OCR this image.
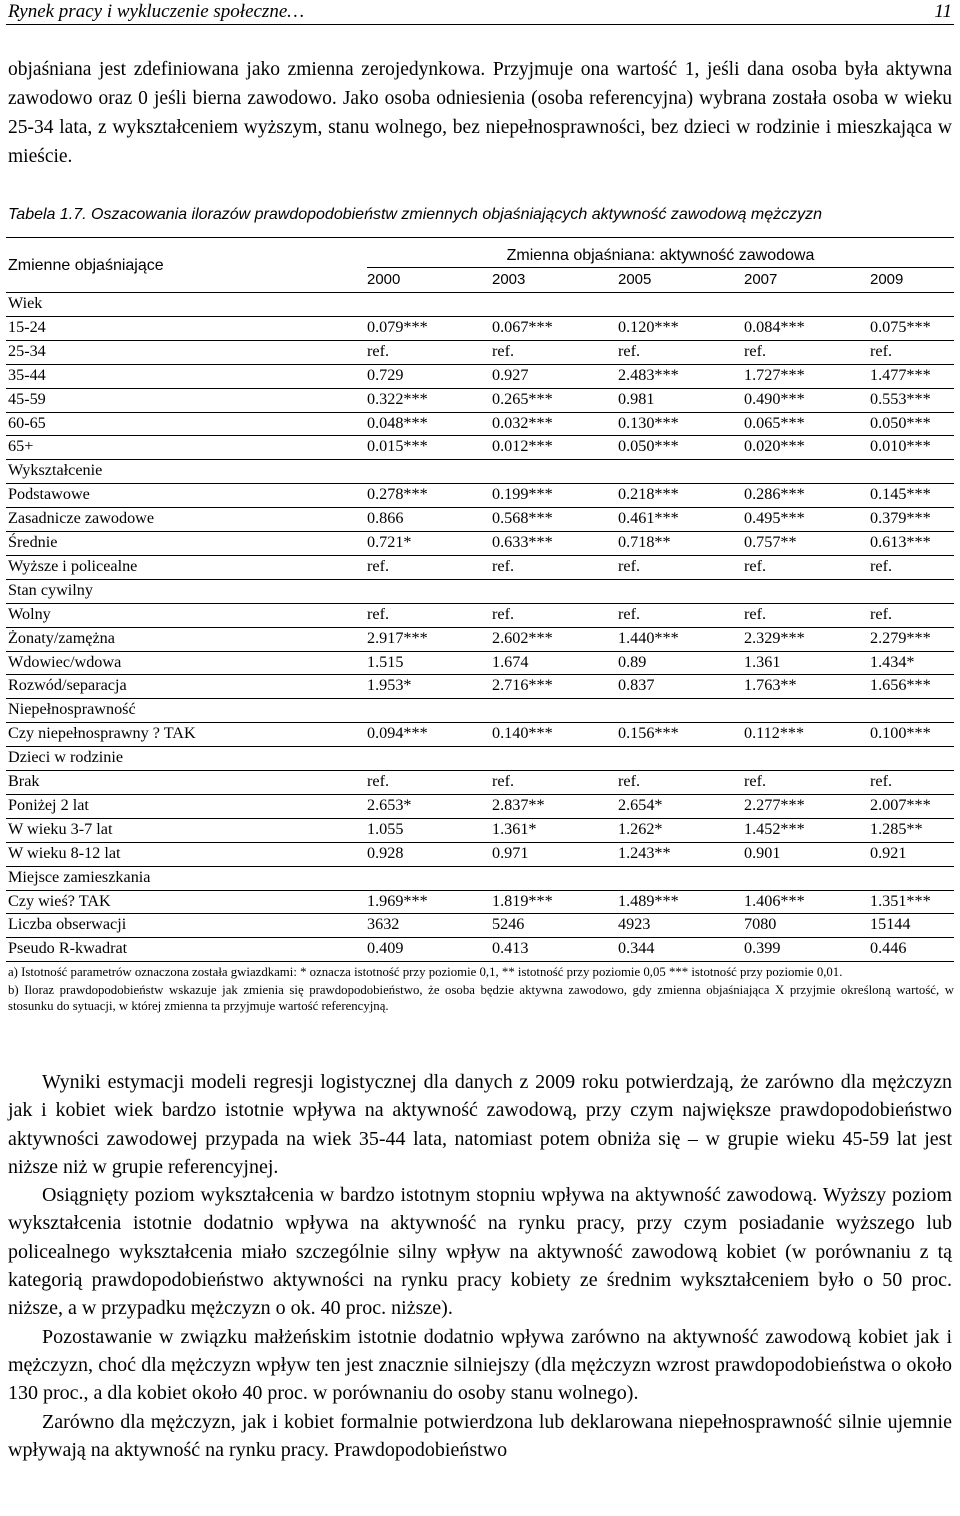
Rynek pracy i wykluczenie społeczne…	11

objaśniana jest zdefiniowana jako zmienna zerojedynkowa. Przyjmuje ona wartość 1, jeśli dana osoba była aktywna zawodowo oraz 0 jeśli bierna zawodowo. Jako osoba odniesienia (osoba referencyjna) wybrana została osoba w wieku 25-34 lata, z wykształceniem wyższym, stanu wolnego, bez niepełnosprawności, bez dzieci w rodzinie i mieszkająca w mieście.

Tabela 1.7. Oszacowania ilorazów prawdopodobieństw zmiennych objaśniających aktywność zawodową mężczyzn
Zmienne objaśniające
Zmienna objaśniana: aktywność zawodowa
2000	2003	2005	2007	2009
Wiek
15-24	0.079***	0.067***	0.120***	0.084***	0.075***
25-34	ref.	ref.	ref.	ref.	ref.
35-44	0.729	0.927	2.483***	1.727***	1.477***
45-59	0.322***	0.265***	0.981	0.490***	0.553***
60-65	0.048***	0.032***	0.130***	0.065***	0.050***
65+	0.015***	0.012***	0.050***	0.020***	0.010***
Wykształcenie
Podstawowe	0.278***	0.199***	0.218***	0.286***	0.145***
Zasadnicze zawodowe	0.866	0.568***	0.461***	0.495***	0.379***
Średnie	0.721*	0.633***	0.718**	0.757**	0.613***
Wyższe i policealne	ref.	ref.	ref.	ref.	ref.
Stan cywilny
Wolny	ref.	ref.	ref.	ref.	ref.
Żonaty/zamężna	2.917***	2.602***	1.440***	2.329***	2.279***
Wdowiec/wdowa	1.515	1.674	0.89	1.361	1.434*
Rozwód/separacja	1.953*	2.716***	0.837	1.763**	1.656***
Niepełnosprawność
Czy niepełnosprawny ? TAK	0.094***	0.140***	0.156***	0.112***	0.100***
Dzieci w rodzinie
Brak	ref.	ref.	ref.	ref.	ref.
Poniżej 2 lat	2.653*	2.837**	2.654*	2.277***	2.007***
W wieku 3-7 lat	1.055	1.361*	1.262*	1.452***	1.285**
W wieku 8-12 lat	0.928	0.971	1.243**	0.901	0.921
Miejsce zamieszkania
Czy wieś? TAK	1.969***	1.819***	1.489***	1.406***	1.351***
Liczba obserwacji	3632	5246	4923	7080	15144
Pseudo R-kwadrat	0.409	0.413	0.344	0.399	0.446

a) Istotność parametrów oznaczona została gwiazdkami: * oznacza istotność przy poziomie 0,1, ** istotność przy poziomie 0,05 *** istotność przy poziomie 0,01.

b) Iloraz prawdopodobieństw wskazuje jak zmienia się prawdopodobieństwo, że osoba będzie aktywna zawodowo, gdy zmienna objaśniająca X przyjmie określoną wartość, w stosunku do sytuacji, w której zmienna ta przyjmuje wartość referencyjną.

Wyniki estymacji modeli regresji logistycznej dla danych z 2009 roku potwierdzają, że zarówno dla mężczyzn jak i kobiet wiek bardzo istotnie wpływa na aktywność zawodową, przy czym największe prawdopodobieństwo aktywności zawodowej przypada na wiek 35-44 lata, natomiast potem obniża się – w grupie wieku 45-59 lat jest niższe niż w grupie referencyjnej.

Osiągnięty poziom wykształcenia w bardzo istotnym stopniu wpływa na aktywność zawodową. Wyższy poziom wykształcenia istotnie dodatnio wpływa na aktywność na rynku pracy, przy czym posiadanie wyższego lub policealnego wykształcenia miało szczególnie silny wpływ na aktywność zawodową kobiet (w porównaniu z tą kategorią prawdopodobieństwo aktywności na rynku pracy kobiety ze średnim wykształceniem było o 50 proc. niższe, a w przypadku mężczyzn o ok. 40 proc. niższe).

Pozostawanie w związku małżeńskim istotnie dodatnio wpływa zarówno na aktywność zawodową kobiet jak i mężczyzn, choć dla mężczyzn wpływ ten jest znacznie silniejszy (dla mężczyzn wzrost prawdopodobieństwa o około 130 proc., a dla kobiet około 40 proc. w porównaniu do osoby stanu wolnego).

Zarówno dla mężczyzn, jak i kobiet formalnie potwierdzona lub deklarowana niepełnosprawność silnie ujemnie wpływają na aktywność na rynku pracy. Prawdopodobieństwo
